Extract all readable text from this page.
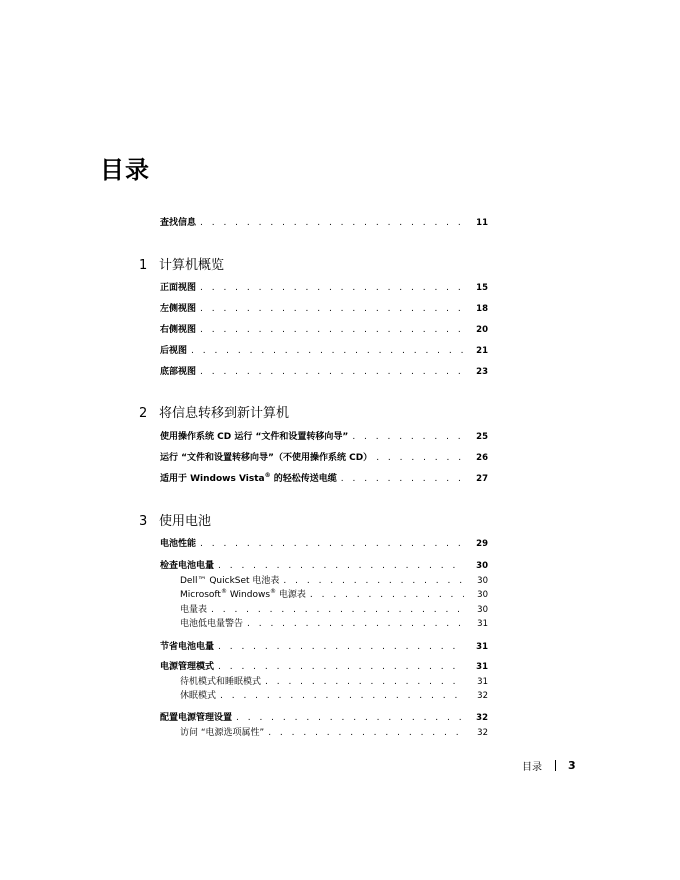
目录
查找信息 . . .	11
1 计算机概览
正面视图 . . .	15
左侧视图 . . .	18
右侧视图 . . .	20
后视图 . . .	21
底部视图 . . .	23
2 将信息转移到新计算机
使用操作系统 CD 运行 “文件和设置转移向导” . . .	25
运行 “文件和设置转移向导”（不使用操作系统 CD） . . .	26
适用于 Windows Vista® 的轻松传送电缆 . . .	27
3 使用电池
电池性能 . . .	29
检查电池电量 . . .	30
Dell™ QuickSet 电池表 . . .	30
Microsoft® Windows® 电源表 . . .	30
电量表 . . .	30
电池低电量警告 . . .	31
节省电池电量 . . .	31
电源管理模式 . . .	31
待机模式和睡眠模式 . . .	31
休眠模式 . . .	32
配置电源管理设置 . . .	32
访问 “电源选项属性” . . .	32
目录 3
